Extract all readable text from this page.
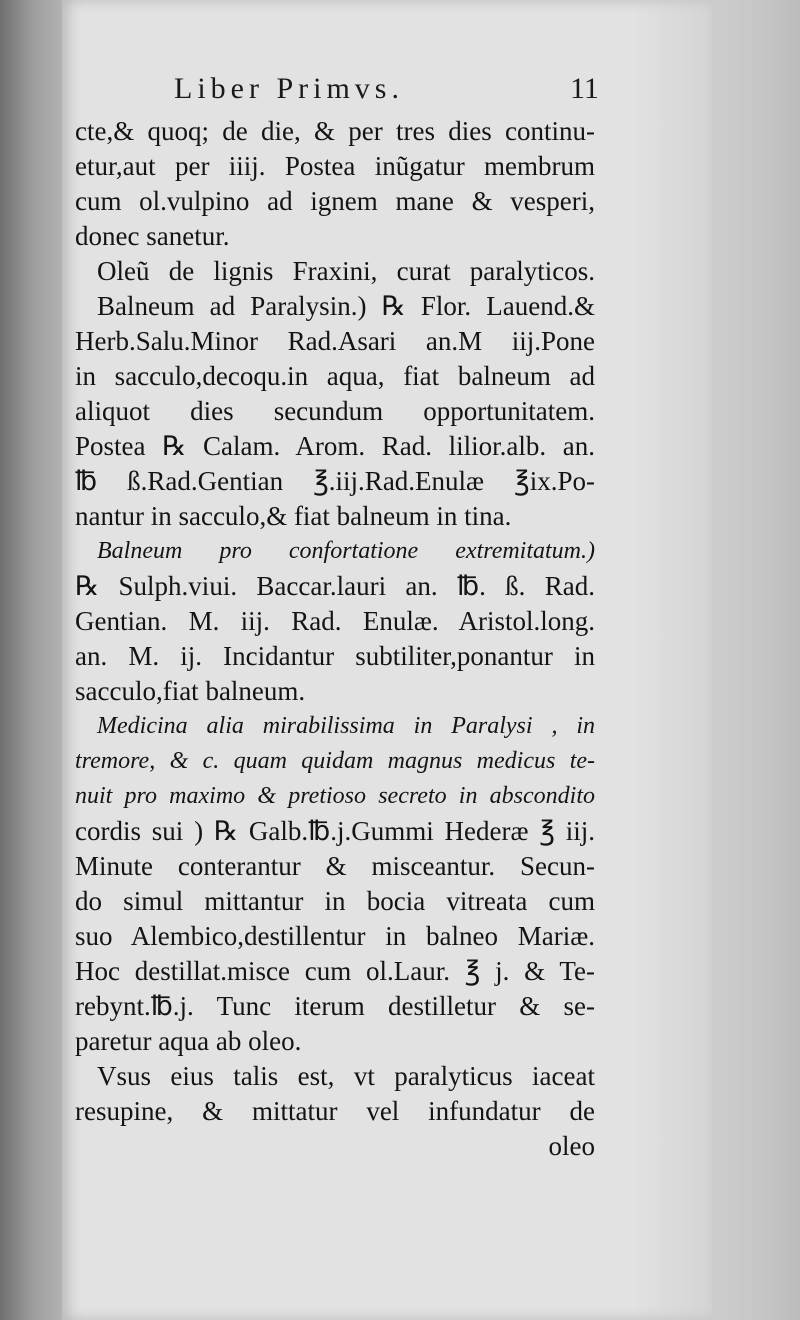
Liber Primvs.	11
cte,& quoq; de die, & per tres dies continu-
etur,aut per iiij. Postea inũgatur membrum
cum ol.vulpino ad ignem mane & vesperi,
donec sanetur.
Oleũ de lignis Fraxini, curat paralyticos.
Balneum ad Paralysin.) ℞ Flor. Lauend.&
Herb.Salu.Minor Rad.Asari an.M iij.Pone
in sacculo,decoqu.in aqua, fiat balneum ad
aliquot dies secundum opportunitatem.
Postea ℞ Calam. Arom. Rad. lilior.alb. an.
℔ ß.Rad.Gentian ℥.iij.Rad.Enulæ ℥ix.Po-
nantur in sacculo,& fiat balneum in tina.
Balneum pro confortatione extremitatum.)
℞ Sulph.viui. Baccar.lauri an. ℔. ß. Rad.
Gentian. M. iij. Rad. Enulæ. Aristol.long.
an. M. ij. Incidantur subtiliter,ponantur in
sacculo,fiat balneum.
Medicina alia mirabilissima in Paralysi , in
tremore, & c. quam quidam magnus medicus te-
nuit pro maximo & pretioso secreto in abscondito
cordis sui ) ℞ Galb.℔.j.Gummi Hederæ ℥ iij.
Minute conterantur & misceantur. Secun-
do simul mittantur in bocia vitreata cum
suo Alembico,destillentur in balneo Mariæ.
Hoc destillat.misce cum ol.Laur. ℥ j. & Te-
rebynt.℔.j. Tunc iterum destilletur & se-
paretur aqua ab oleo.
Vsus eius talis est, vt paralyticus iaceat
resupine, & mittatur vel infundatur de
oleo
